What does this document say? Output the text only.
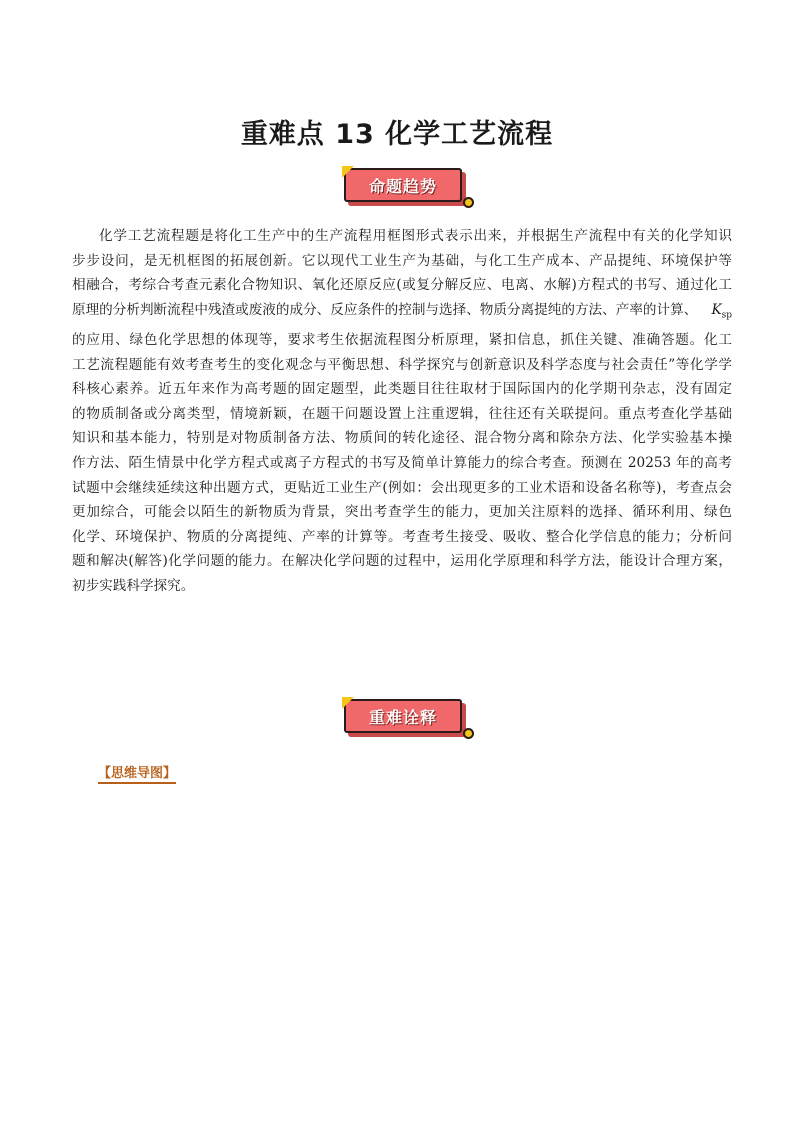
重难点 13 化学工艺流程
命题趋势
化学工艺流程题是将化工生产中的生产流程用框图形式表示出来，并根据生产流程中有关的化学知识
步步设问，是无机框图的拓展创新。它以现代工业生产为基础，与化工生产成本、产品提纯、环境保护等
相融合，考综合考查元素化合物知识、氧化还原反应(或复分解反应、电离、水解)方程式的书写、通过化工
原理的分析判断流程中残渣或废液的成分、反应条件的控制与选择、物质分离提纯的方法、产率的计算、 $K_{sp}$
的应用、绿色化学思想的体现等，要求考生依据流程图分析原理，紧扣信息，抓住关键、准确答题。化工
工艺流程题能有效考查考生的变化观念与平衡思想、科学探究与创新意识及科学态度与社会责任”等化学学
科核心素养。近五年来作为高考题的固定题型，此类题目往往取材于国际国内的化学期刊杂志，没有固定
的物质制备或分离类型，情境新颖，在题干问题设置上注重逻辑，往往还有关联提问。重点考查化学基础
知识和基本能力，特别是对物质制备方法、物质间的转化途径、混合物分离和除杂方法、化学实验基本操
作方法、陌生情景中化学方程式或离子方程式的书写及简单计算能力的综合考查。预测在 20253 年的高考
试题中会继续延续这种出题方式，更贴近工业生产(例如：会出现更多的工业术语和设备名称等)，考查点会
更加综合，可能会以陌生的新物质为背景，突出考查学生的能力，更加关注原料的选择、循环利用、绿色
化学、环境保护、物质的分离提纯、产率的计算等。考查考生接受、吸收、整合化学信息的能力；分析问
题和解决(解答)化学问题的能力。在解决化学问题的过程中，运用化学原理和科学方法，能设计合理方案，
初步实践科学探究。
重难诠释
【思维导图】
